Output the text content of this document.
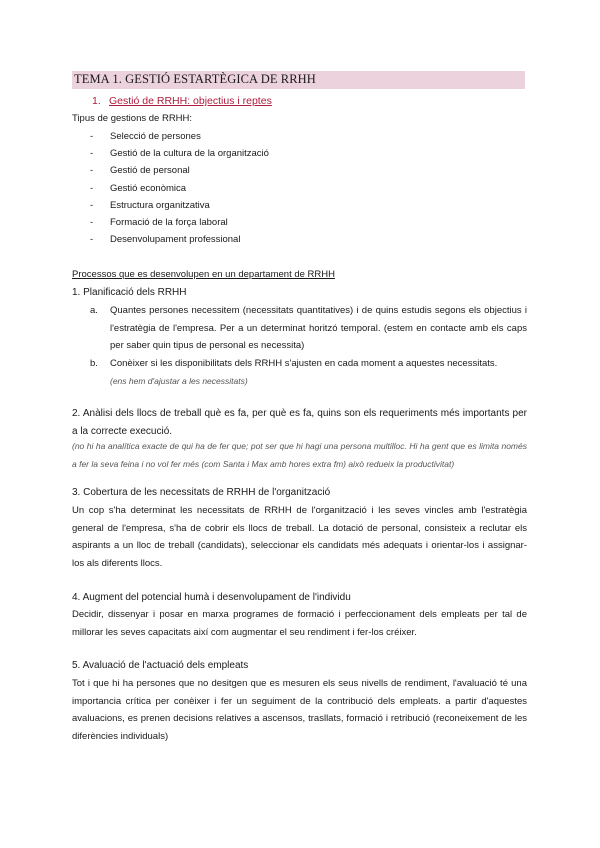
TEMA 1. GESTIÓ ESTARTÈGICA DE RRHH
1. Gestió de RRHH: objectius i reptes
Tipus de gestions de RRHH:
-	Selecció de persones
-	Gestió de la cultura de la organització
-	Gestió de personal
-	Gestió econòmica
-	Estructura organitzativa
-	Formació de la força laboral
-	Desenvolupament professional
Processos que es desenvolupen en un departament de RRHH
1. Planificació dels RRHH
a. Quantes persones necessitem (necessitats quantitatives) i de quins estudis segons els objectius i l'estratègia de l'empresa. Per a un determinat horitzó temporal. (estem en contacte amb els caps per saber quin tipus de personal es necessita)

b. Conèixer si les disponibilitats dels RRHH s'ajusten en cada moment a aquestes necessitats.
(ens hem d'ajustar a les necessitats)

2. Anàlisi dels llocs de treball què es fa, per què es fa, quins son els requeriments més importants per a la correcte execució.

(no hi ha analítica exacte de qui ha de fer que; pot ser que hi hagi una persona multilloc. Hi ha gent que es limita només a fer la seva feina i no vol fer més (com Santa i Max amb hores extra fm) això redueix la productivitat)

3. Cobertura de les necessitats de RRHH de l'organització

Un cop s'ha determinat les necessitats de RRHH de l'organització i les seves vincles amb l'estratègia general de l'empresa, s'ha de cobrir els llocs de treball. La dotació de personal, consisteix a reclutar els aspirants a un lloc de treball (candidats), seleccionar els candidats més adequats i orientar-los i assignar-los als diferents llocs.

4. Augment del potencial humà i desenvolupament de l'individu

Decidir, dissenyar i posar en marxa programes de formació i perfeccionament dels empleats per tal de millorar les seves capacitats així com augmentar el seu rendiment i fer-los créixer.

5. Avaluació de l'actuació dels empleats

Tot i que hi ha persones que no desitgen que es mesuren els seus nivells de rendiment, l'avaluació té una importancia crítica per conèixer i fer un seguiment de la contribució dels empleats. a partir d'aquestes avaluacions, es prenen decisions relatives a ascensos, trasllats, formació i retribució (reconeixement de les diferències individuals)
